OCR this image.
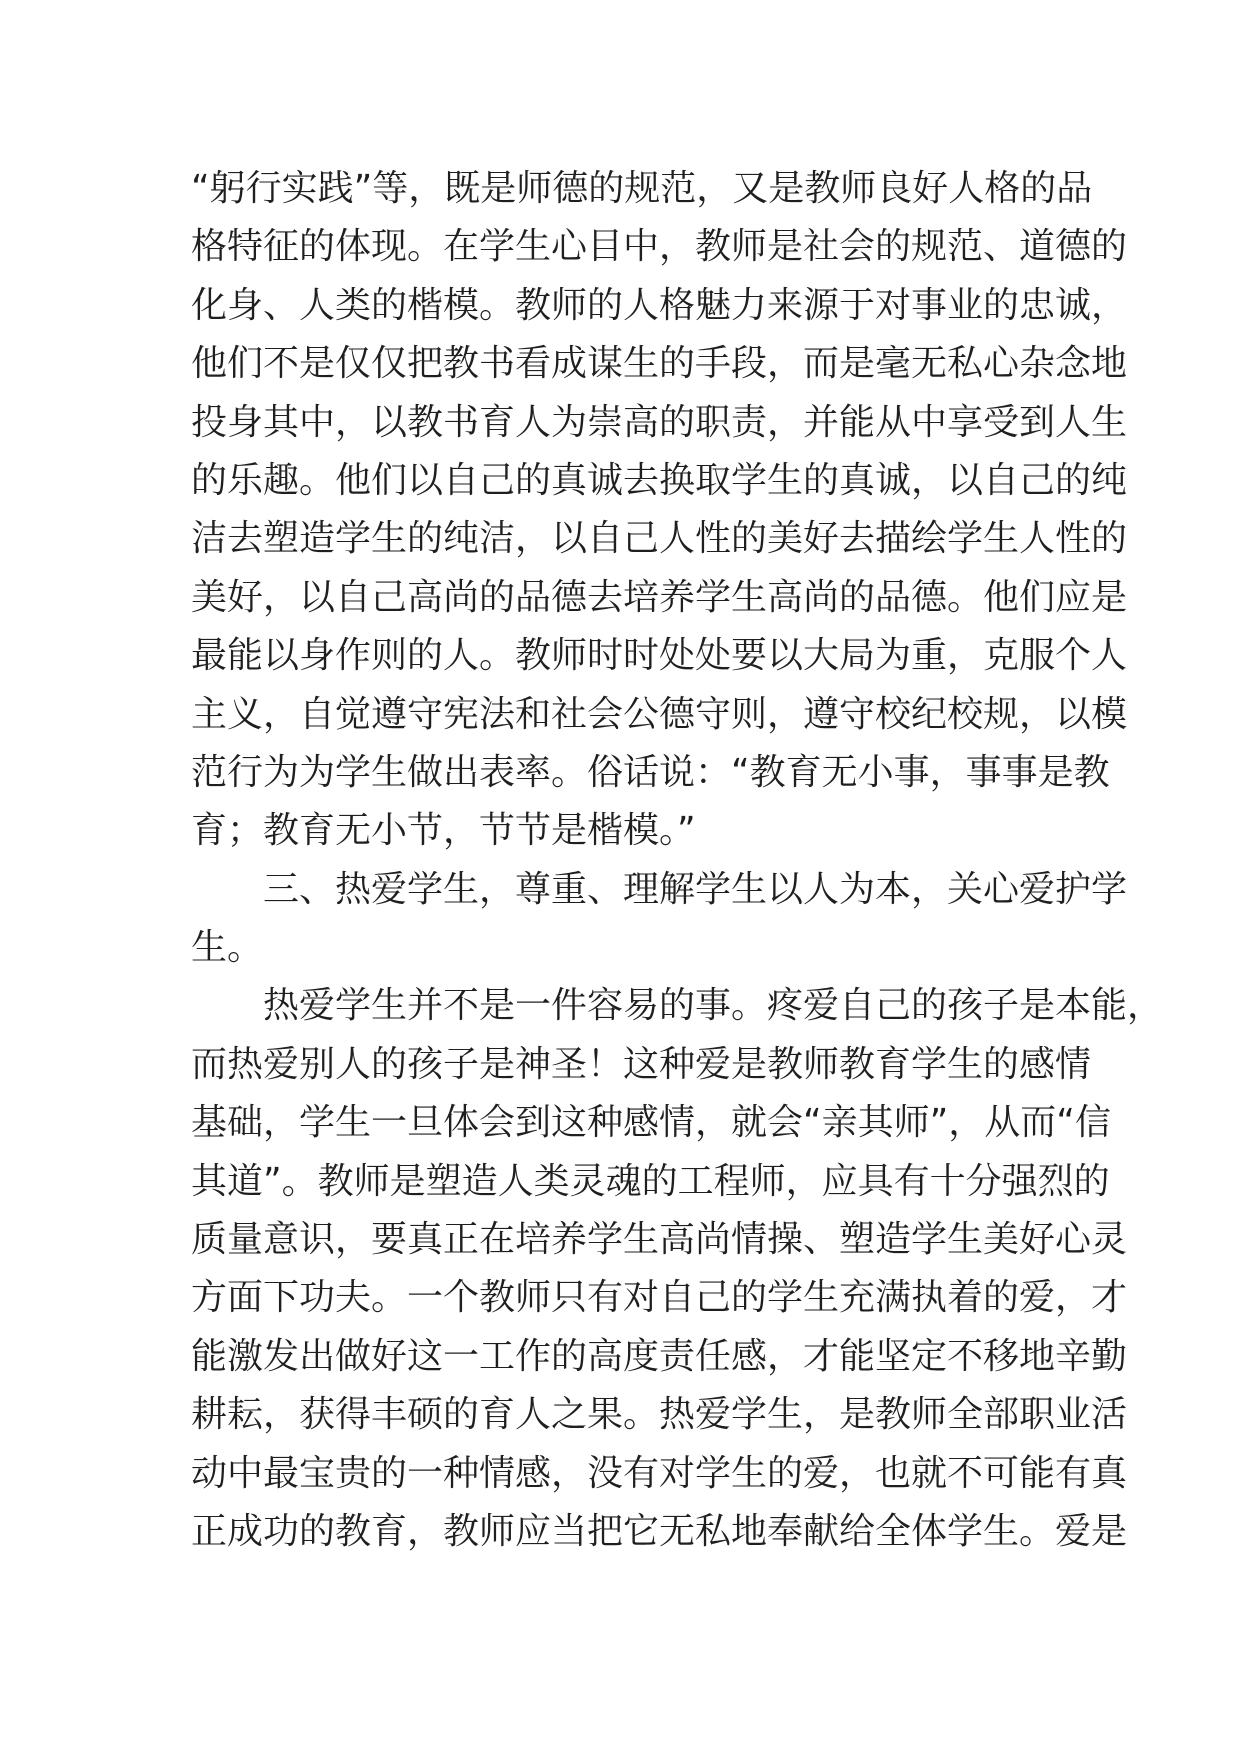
“躬行实践”等，既是师德的规范，又是教师良好人格的品
格特征的体现。在学生心目中，教师是社会的规范、道德的
化身、人类的楷模。教师的人格魅力来源于对事业的忠诚，
他们不是仅仅把教书看成谋生的手段，而是毫无私心杂念地
投身其中，以教书育人为崇高的职责，并能从中享受到人生
的乐趣。他们以自己的真诚去换取学生的真诚，以自己的纯
洁去塑造学生的纯洁，以自己人性的美好去描绘学生人性的
美好，以自己高尚的品德去培养学生高尚的品德。他们应是
最能以身作则的人。教师时时处处要以大局为重，克服个人
主义，自觉遵守宪法和社会公德守则，遵守校纪校规，以模
范行为为学生做出表率。俗话说：“教育无小事，事事是教
育；教育无小节，节节是楷模。”
三、热爱学生，尊重、理解学生以人为本，关心爱护学
生。
热爱学生并不是一件容易的事。疼爱自己的孩子是本能，
而热爱别人的孩子是神圣！这种爱是教师教育学生的感情
基础，学生一旦体会到这种感情，就会“亲其师”，从而“信
其道”。教师是塑造人类灵魂的工程师，应具有十分强烈的
质量意识，要真正在培养学生高尚情操、塑造学生美好心灵
方面下功夫。一个教师只有对自己的学生充满执着的爱，才
能激发出做好这一工作的高度责任感，才能坚定不移地辛勤
耕耘，获得丰硕的育人之果。热爱学生，是教师全部职业活
动中最宝贵的一种情感，没有对学生的爱，也就不可能有真
正成功的教育，教师应当把它无私地奉献给全体学生。爱是
